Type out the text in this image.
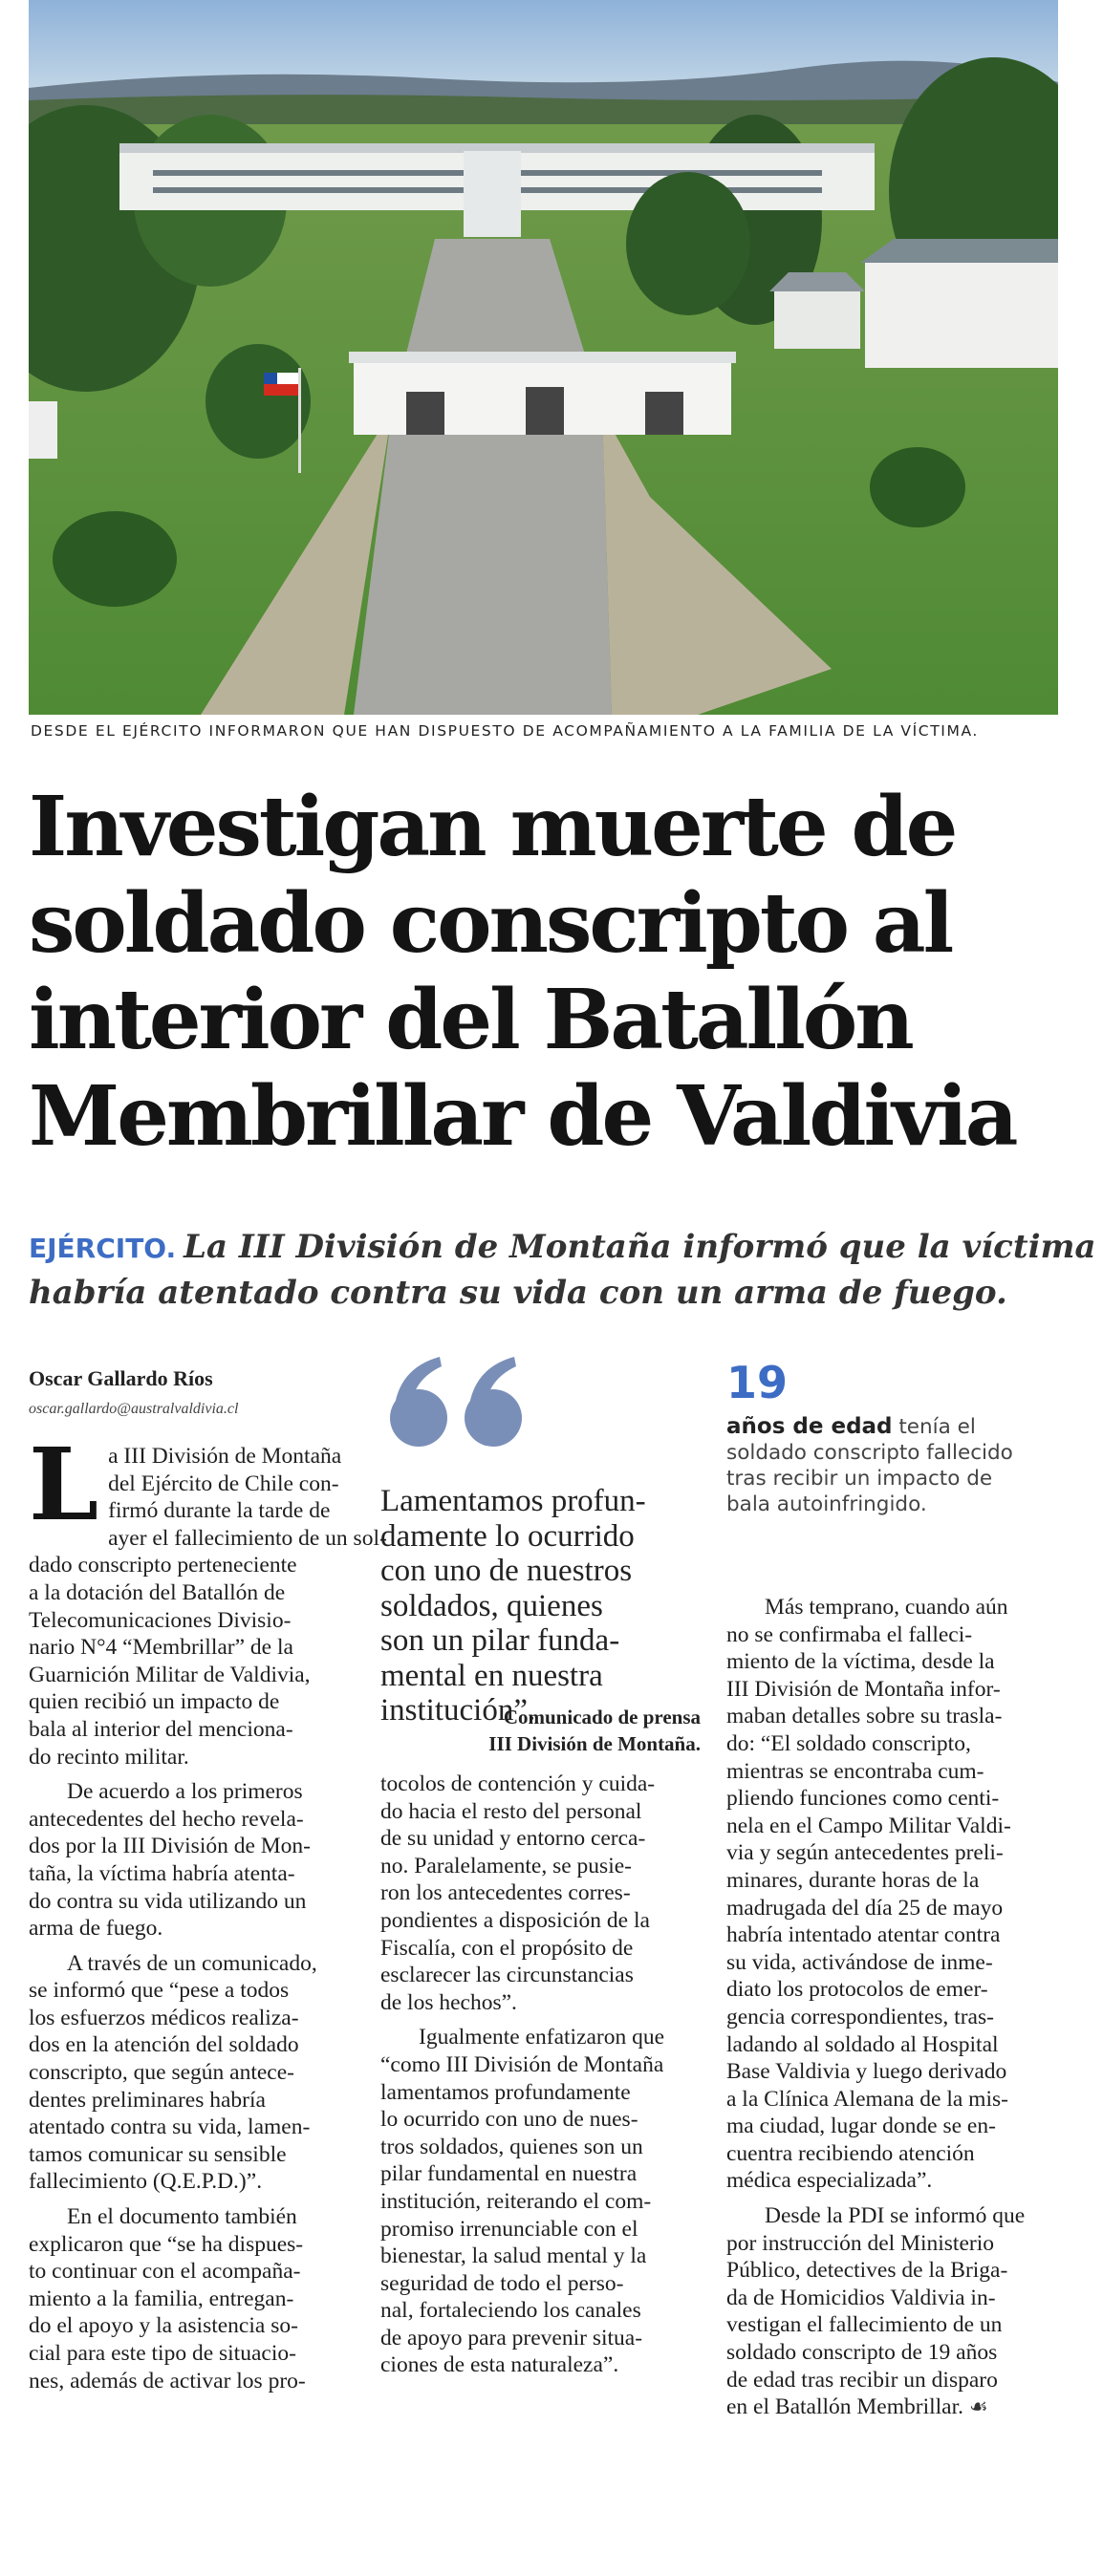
DESDE EL EJÉRCITO INFORMARON QUE HAN DISPUESTO DE ACOMPAÑAMIENTO A LA FAMILIA DE LA VÍCTIMA.
Investigan muerte de
soldado conscripto al
interior del Batallón
Membrillar de Valdivia
EJÉRCITO. La III División de Montaña informó que la víctima
habría atentado contra su vida con un arma de fuego.
Oscar Gallardo Ríos
oscar.gallardo@australvaldivia.cl

L a III División de Montaña
del Ejército de Chile con-
firmó durante la tarde de
ayer el fallecimiento de un sol-
dado conscripto perteneciente
a la dotación del Batallón de
Telecomunicaciones Divisio-
nario N°4 “Membrillar” de la
Guarnición Militar de Valdivia,
quien recibió un impacto de
bala al interior del menciona-
do recinto militar.

De acuerdo a los primeros
antecedentes del hecho revela-
dos por la III División de Mon-
taña, la víctima habría atenta-
do contra su vida utilizando un
arma de fuego.

A través de un comunicado,
se informó que “pese a todos
los esfuerzos médicos realiza-
dos en la atención del soldado
conscripto, que según antece-
dentes preliminares habría
atentado contra su vida, lamen-
tamos comunicar su sensible
fallecimiento (Q.E.P.D.)”.

En el documento también
explicaron que “se ha dispues-
to continuar con el acompaña-
miento a la familia, entregan-
do el apoyo y la asistencia so-
cial para este tipo de situacio-
nes, además de activar los pro-

Lamentamos profun-
damente lo ocurrido
con uno de nuestros
soldados, quienes
son un pilar funda-
mental en nuestra
institución”.
Comunicado de prensa
III División de Montaña.

tocolos de contención y cuida-
do hacia el resto del personal
de su unidad y entorno cerca-
no. Paralelamente, se pusie-
ron los antecedentes corres-
pondientes a disposición de la
Fiscalía, con el propósito de
esclarecer las circunstancias
de los hechos”.

Igualmente enfatizaron que
“como III División de Montaña
lamentamos profundamente
lo ocurrido con uno de nues-
tros soldados, quienes son un
pilar fundamental en nuestra
institución, reiterando el com-
promiso irrenunciable con el
bienestar, la salud mental y la
seguridad de todo el perso-
nal, fortaleciendo los canales
de apoyo para prevenir situa-
ciones de esta naturaleza”.

19
años de edad tenía el
soldado conscripto fallecido
tras recibir un impacto de
bala autoinfringido.

Más temprano, cuando aún
no se confirmaba el falleci-
miento de la víctima, desde la
III División de Montaña infor-
maban detalles sobre su trasla-
do: “El soldado conscripto,
mientras se encontraba cum-
pliendo funciones como centi-
nela en el Campo Militar Valdi-
via y según antecedentes preli-
minares, durante horas de la
madrugada del día 25 de mayo
habría intentado atentar contra
su vida, activándose de inme-
diato los protocolos de emer-
gencia correspondientes, tras-
ladando al soldado al Hospital
Base Valdivia y luego derivado
a la Clínica Alemana de la mis-
ma ciudad, lugar donde se en-
cuentra recibiendo atención
médica especializada”.

Desde la PDI se informó que
por instrucción del Ministerio
Público, detectives de la Briga-
da de Homicidios Valdivia in-
vestigan el fallecimiento de un
soldado conscripto de 19 años
de edad tras recibir un disparo
en el Batallón Membrillar. ☙
